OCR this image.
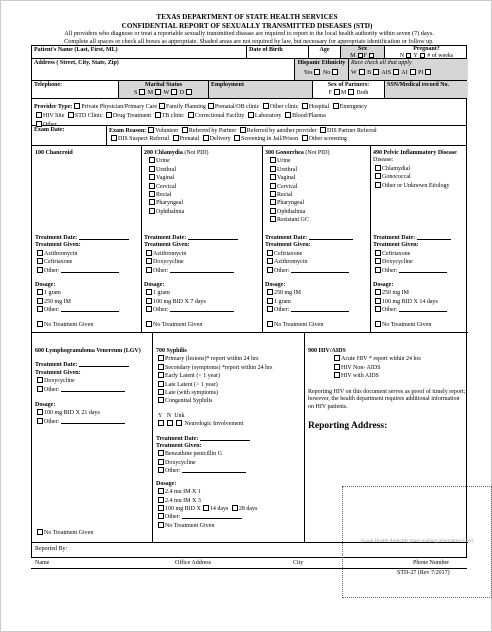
TEXAS DEPARTMENT OF STATE HEALTH SERVICES
CONFIDENTIAL REPORT OF SEXUALLY TRANSMITTED DISEASES (STD)
All providers who diagnose or treat a reportable sexually transmitted disease are required to report to the local health authority within seven (7) days.
Complete all spaces or check all boxes as appropriate. Shaded areas are not required by law, but necessary for appropriate identification or follow up.
Patient's Name (Last, First, ML)	Date of Birth	Age	Sex
M F
Pregnant?
N Y # of weeks
Address ( Street, City, State, Zip)	Hispanic Ethnicity
Yes No
Race check all that apply
W B AIS AI PI
Telephone:	Marital Status
S M W D
Employment	Sex of Partners:
F M Both
SSN/Medical record No.
Provider Type: Private Physician/Primary Care Family Planning Prenatal/OB clinic Other clinic Hospital Emergency
HIV Site STD Clinic Drug Treatment TB clinic Correctional Facility Laboratory Blood/Plasma
Other
Exam Date:	Exam Reason: Volunteer Referred by Partner Referred by another provider DIS Partner Referral
DIS Suspect Referral Prenatal Delivery Screening in Jail/Prison Other screening
100 Chancroid
Treatment Date:
Treatment Given:
Azithromycin
Ceftriaxone
Other:
Dosage:
1 gram
250 mg IM
Other:
No Treatment Given
200 Chlamydia (Not PID)
Urine
Urethral
Vaginal
Cervical
Rectal
Pharyngeal
Ophthalmia
Treatment Date:
Treatment Given:
Azithromycin
Doxycycline
Other:
Dosage:
1 gram
100 mg BID X 7 days
Other:
No Treatment Given
300 Gonorrhea (Not PID)
Urine
Urethral
Vaginal
Cervical
Rectal
Pharyngeal
Ophthalmia
Resistant GC
Treatment Date:
Treatment Given:
Ceftriaxone
Azithromycin
Other:
Dosage:
250 mg IM
1 gram
Other:
No Treatment Given
490 Pelvic Inflammatory Disease
Disease:
Chlamydial
Gonococcal
Other or Unknown Etiology
Treatment Date:
Treatment Given:
Ceftriaxone
Doxycycline
Other:
Dosage:
250 mg IM
100 mg BID X 14 days
Other:
No Treatment Given
600 Lymphogranuloma Venereum (LGV)
Treatment Date:
Treatment Given:
Doxycycline
Other:
Dosage:
100 mg BID X 21 days
Other:
No Treatment Given
700 Syphilis
Primary (lesions)* report within 24 hrs
Secondary (symptoms) *report within 24 hrs
Early Latent (< 1 year)
Late Latent (> 1 year)
Late (with symptoms)
Congenital Syphilis
Y N Unk
Neurologic Involvement
Treatment Date:
Treatment Given:
Benzathine penicillin G
Doxycycline
Other:
Dosage:
2.4 mu IM X 1
2.4 mu IM X 3
100 mg BID X 14 days 28 days
Other:
No Treatment Given
900 HIV/AIDS
Acute HIV * report within 24 hrs
HIV Non- AIDS
HIV with AIDS
Reporting HIV on this document serves as proof of timely report; however, the health department requires additional information on HIV patients.
Reporting Address:
(Local Health Authority place mailing information here)
Reported By:
Name	Office Address	City	Phone Number
STD-27 (Rev 7/2017)
